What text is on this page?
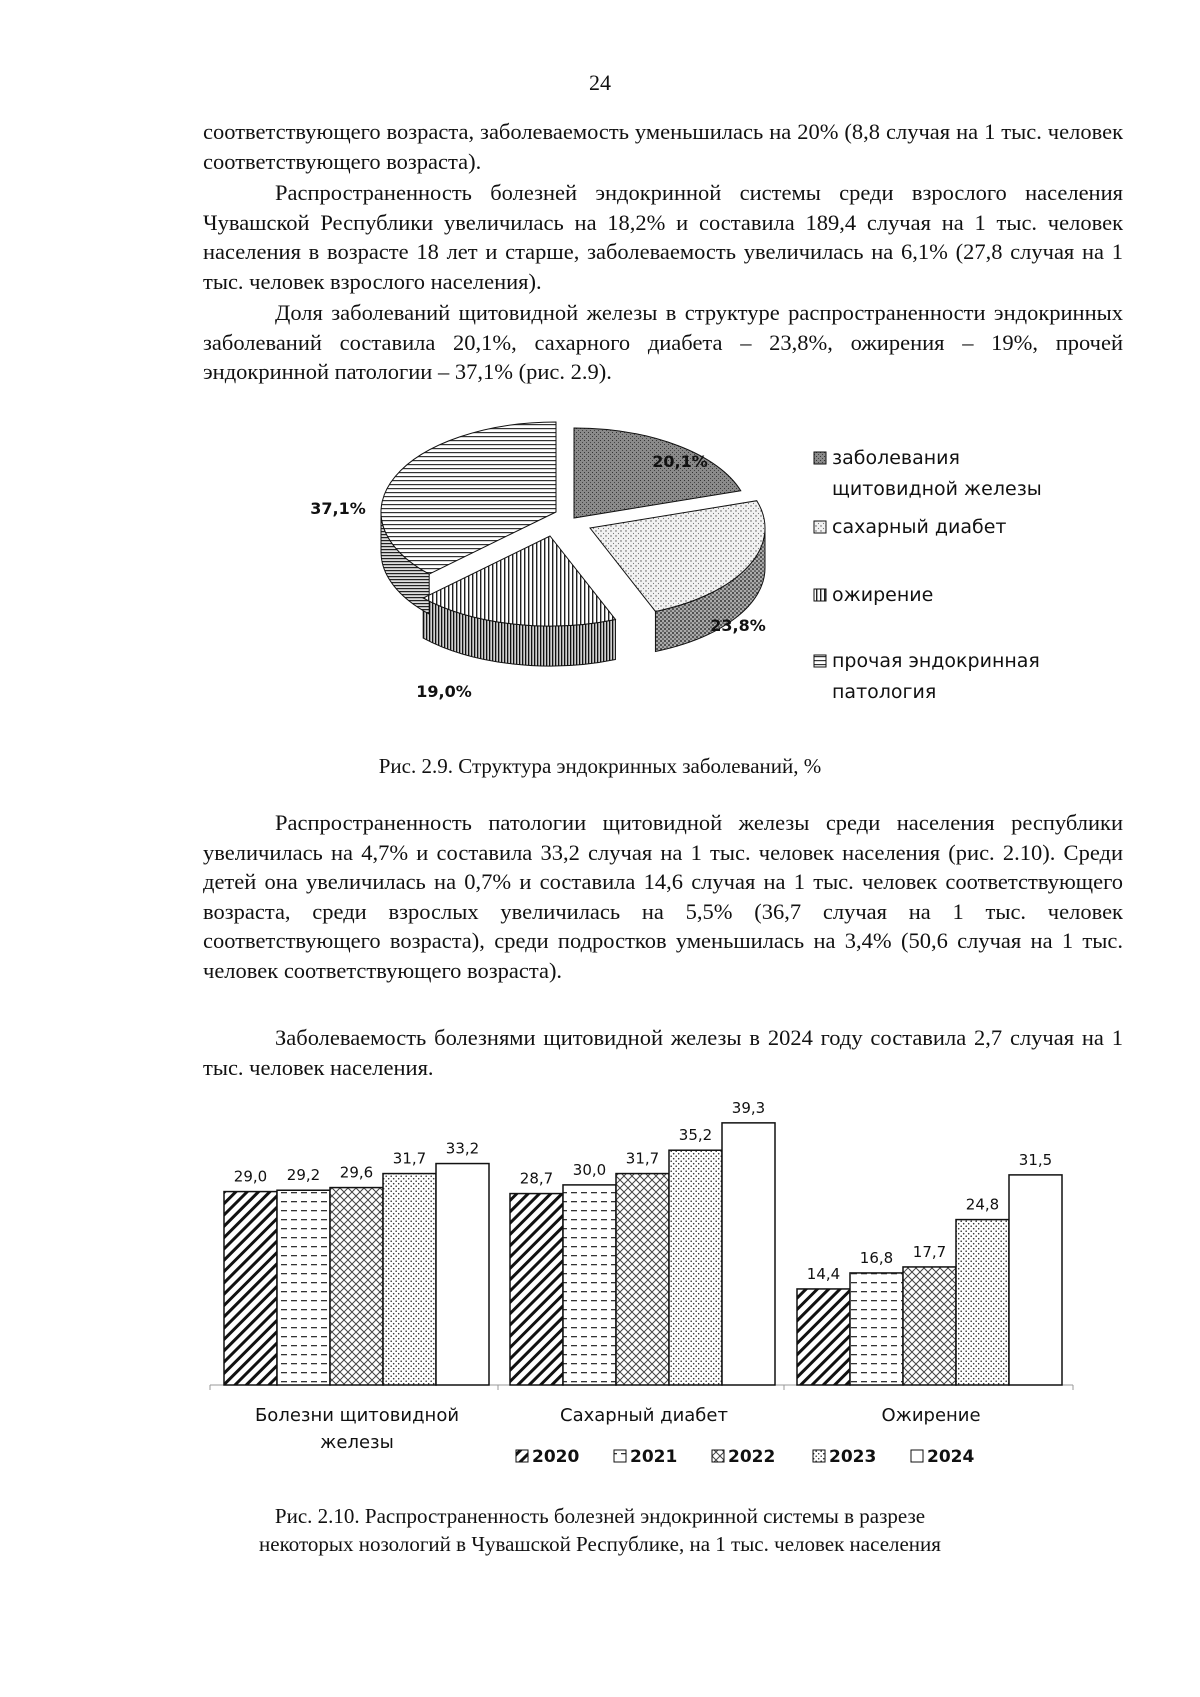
24

соответствующего возраста, заболеваемость уменьшилась на 20% (8,8 случая на 1 тыс. человек соответствующего возраста).

Распространенность болезней эндокринной системы среди взрослого населения Чувашской Республики увеличилась на 18,2% и составила 189,4 случая на 1 тыс. человек населения в возрасте 18 лет и старше, заболеваемость увеличилась на 6,1% (27,8 случая на 1 тыс. человек взрослого населения).

Доля заболеваний щитовидной железы в структуре распространенности эндокринных заболеваний составила 20,1%, сахарного диабета – 23,8%, ожирения – 19%, прочей эндокринной патологии – 37,1% (рис. 2.9).

20,1%
23,8%
19,0%
37,1%
заболевания
щитовидной железы
сахарный диабет
ожирение
прочая эндокринная
патология
Рис. 2.9. Структура эндокринных заболеваний, %

Распространенность патологии щитовидной железы среди населения республики увеличилась на 4,7% и составила 33,2 случая на 1 тыс. человек населения (рис. 2.10). Среди детей она увеличилась на 0,7% и составила 14,6 случая на 1 тыс. человек соответствующего возраста, среди взрослых увеличилась на 5,5% (36,7 случая на 1 тыс. человек соответствующего возраста), среди подростков уменьшилась на 3,4% (50,6 случая на 1 тыс. человек соответствующего возраста).

Заболеваемость болезнями щитовидной железы в 2024 году составила 2,7 случая на 1 тыс. человек населения.

29,0	28,7
14,4
29,2	30,0
16,8
29,6
31,7
17,7
31,7
35,2
24,8
33,2
39,3
31,5
Болезни щитовидной
железы
Сахарный диабет	Ожирение
2020	2021	2022	2023	2024
Рис. 2.10. Распространенность болезней эндокринной системы в разрезе
некоторых нозологий в Чувашской Республике, на 1 тыс. человек населения
